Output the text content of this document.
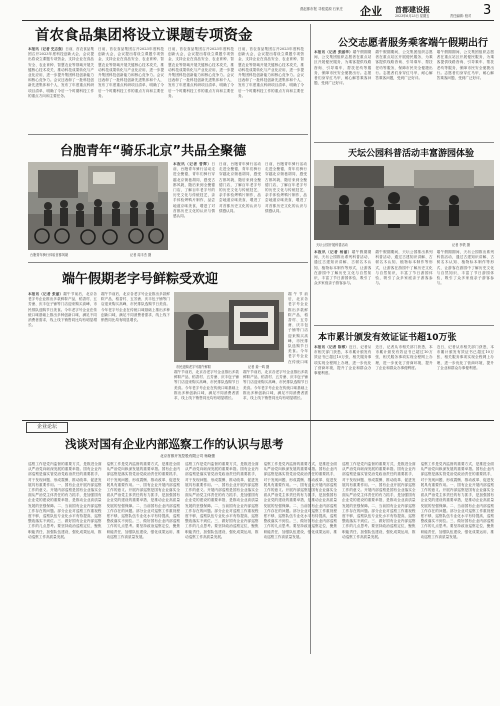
燕赵都市报 寻根觅源 石家庄 企业 首都建设报
2023年6月23日 星期五	责任编辑: 校对 3
首农食品集团将设立课题专项资金
本报讯（记者 史志强）日前，首农食品集团召开2023年度科技创新大会，会议提出将设立课题专项资金，支持企业在食品安全、农业育种、智慧农业等领域开展关键核心技术攻关，推动科技成果转化与产业化应用，进一步提升集团科技创新能力和核心竞争力。会议还表彰了一批科技创新先进集体和个人，发布了年度重点科研项目清单，明确了今后一个时期科技工作的重点方向和主要任务。
日前，首农食品集团召开2023年度科技创新大会，会议提出将设立课题专项资金，支持企业在食品安全、农业育种、智慧农业等领域开展关键核心技术攻关，推动科技成果转化与产业化应用，进一步提升集团科技创新能力和核心竞争力。会议还表彰了一批科技创新先进集体和个人，发布了年度重点科研项目清单，明确了今后一个时期科技工作的重点方向和主要任务。
日前，首农食品集团召开2023年度科技创新大会，会议提出将设立课题专项资金，支持企业在食品安全、农业育种、智慧农业等领域开展关键核心技术攻关，推动科技成果转化与产业化应用，进一步提升集团科技创新能力和核心竞争力。会议还表彰了一批科技创新先进集体和个人，发布了年度重点科研项目清单，明确了今后一个时期科技工作的重点方向和主要任务。
日前，首农食品集团召开2023年度科技创新大会，会议提出将设立课题专项资金，支持企业在食品安全、农业育种、智慧农业等领域开展关键核心技术攻关，推动科技成果转化与产业化应用，进一步提升集团科技创新能力和核心竞争力。会议还表彰了一批科技创新先进集体和个人，发布了年度重点科研项目清单，明确了今后一个时期科技工作的重点方向和主要任务。
公交志愿者服务乘客端午假期出行
本报讯（记者 张丽华）端午假期期间，公交集团组织志愿者在重点站区开展便民服务，为乘客提供线路咨询、引导乘车、帮扶老幼等服务，保障市民安全便捷出行。志愿者们身穿红马甲，耐心解答乘客问题，受到广泛好评。
端午假期期间，公交集团组织志愿者在重点站区开展便民服务，为乘客提供线路咨询、引导乘车、帮扶老幼等服务，保障市民安全便捷出行。志愿者们身穿红马甲，耐心解答乘客问题，受到广泛好评。
端午假期期间，公交集团组织志愿者在重点站区开展便民服务，为乘客提供线路咨询、引导乘车、帮扶老幼等服务，保障市民安全便捷出行。志愿者们身穿红马甲，耐心解答乘客问题，受到广泛好评。
台胞青年“骑乐北京”共品全聚德
台胞青年骑行体验首都风貌	记者 周丰杰 摄
本报讯（记者 曾辉）日前，台胞青年骑行活动走进全聚德，青年们骑行穿越北京街巷胡同，感受古都风貌，随后来到全聚德门店，了解百年老字号的历史文化与传统技艺，亲手体验烤鸭片制作，品尝地道京味美食，增进了对首都历史文化的认识与情感认同。
日前，台胞青年骑行活动走进全聚德，青年们骑行穿越北京街巷胡同，感受古都风貌，随后来到全聚德门店，了解百年老字号的历史文化与传统技艺，亲手体验烤鸭片制作，品尝地道京味美食，增进了对首都历史文化的认识与情感认同。
日前，台胞青年骑行活动走进全聚德，青年们骑行穿越北京街巷胡同，感受古都风貌，随后来到全聚德门店，了解百年老字号的历史文化与传统技艺，亲手体验烤鸭片制作，品尝地道京味美食，增进了对首都历史文化的认识与情感认同。
天坛公园科普活动丰富游园体验
天坛公园开展科普活动	记者 李铁 摄
本报讯（记者 杨丽）端午假期期间，天坛公园推出系列科普活动，通过古建知识讲解、古树名木认知、植物标本制作等形式，让游客在游园中了解历史文化与自然知识，丰富了节日游园体验，吸引了众多家庭亲子游客参与。
端午假期期间，天坛公园推出系列科普活动，通过古建知识讲解、古树名木认知、植物标本制作等形式，让游客在游园中了解历史文化与自然知识，丰富了节日游园体验，吸引了众多家庭亲子游客参与。
端午假期期间，天坛公园推出系列科普活动，通过古建知识讲解、古树名木认知、植物标本制作等形式，让游客在游园中了解历史文化与自然知识，丰富了节日游园体验，吸引了众多家庭亲子游客参与。
端午假期老字号鲜粽受欢迎
本报讯（记者 张丽）端午节前后，北京各老字号企业推出多款鲜粽产品，稻香村、五芳斋、庆丰包子铺等门店迎来购买高峰，市民排队选购节日美食。今年老字号企业在传统口味基础上推出多种创新口味，满足不同消费者需求，线上线下销售同比均有明显增长。
端午节前后，北京各老字号企业推出多款鲜粽产品，稻香村、五芳斋、庆丰包子铺等门店迎来购买高峰，市民排队选购节日美食。今年老字号企业在传统口味基础上推出多种创新口味，满足不同消费者需求，线上线下销售同比均有明显增长。
市民选购老字号端午鲜粽	记者 姜一鸣 摄
端午节前后，北京各老字号企业推出多款鲜粽产品，稻香村、五芳斋、庆丰包子铺等门店迎来购买高峰，市民排队选购节日美食。今年老字号企业在传统口味基础上推出多种创新口味，满足不同消费者需求，线上线下销售同比均有明显增长。
端午节前后，北京各老字号企业推出多款鲜粽产品，稻香村、五芳斋、庆丰包子铺等门店迎来购买高峰，市民排队选购节日美食。今年老字号企业在传统口味基础上推出多种创新口味，满足不同消费者需求，线上线下销售同比均有明显增长。
端午节前后，北京各老字号企业推出多款鲜粽产品，稻香村、五芳斋、庆丰包子铺等门店迎来购买高峰，市民排队选购节日美食。今年老字号企业在传统口味
本市累计颁发有效证证书超10万张
本报讯（记者 陈博）近日，记者从市相关部门获悉，本市累计颁发有效证书已超过10万张，相关服务事项实现全程网上办理，进一步优化了营商环境，提升了企业和群众办事便利度。
近日，记者从市相关部门获悉，本市累计颁发有效证书已超过10万张，相关服务事项实现全程网上办理，进一步优化了营商环境，提升了企业和群众办事便利度。
近日，记者从市相关部门获悉，本市累计颁发有效证书已超过10万张，相关服务事项实现全程网上办理，进一步优化了营商环境，提升了企业和群众办事便利度。
企业论坛
浅谈对国有企业内部巡察工作的认识与思考
北京首都开发控股有限公司 杨晓蕾
巡察工作是党内监督的重要方式，是推进全面从严治党向纵深发展的重要举措。国有企业内部巡察是落实管党治党政治责任的重要抓手，对于发现问题、形成震慑、推动改革、促进发展具有重要作用。一、国有企业开展内部巡察工作的意义。开展内部巡察是国有企业落实全面从严治党主体责任的有力抓手，是加强国有企业党的建设的重要举措，是推动企业高质量发展的坚强保障。二、当前国有企业内部巡察工作存在的问题。部分企业对巡察工作重视程度不够，巡察队伍专业化水平有待提高，巡察整改落实不到位。三、做好国有企业内部巡察工作的几点思考。要坚持政治巡察定位，聚焦职能责任，加强队伍建设，强化成果运用，推动巡察工作高质量发展。
巡察工作是党内监督的重要方式，是推进全面从严治党向纵深发展的重要举措。国有企业内部巡察是落实管党治党政治责任的重要抓手，对于发现问题、形成震慑、推动改革、促进发展具有重要作用。一、国有企业开展内部巡察工作的意义。开展内部巡察是国有企业落实全面从严治党主体责任的有力抓手，是加强国有企业党的建设的重要举措，是推动企业高质量发展的坚强保障。二、当前国有企业内部巡察工作存在的问题。部分企业对巡察工作重视程度不够，巡察队伍专业化水平有待提高，巡察整改落实不到位。三、做好国有企业内部巡察工作的几点思考。要坚持政治巡察定位，聚焦职能责任，加强队伍建设，强化成果运用，推动巡察工作高质量发展。
巡察工作是党内监督的重要方式，是推进全面从严治党向纵深发展的重要举措。国有企业内部巡察是落实管党治党政治责任的重要抓手，对于发现问题、形成震慑、推动改革、促进发展具有重要作用。一、国有企业开展内部巡察工作的意义。开展内部巡察是国有企业落实全面从严治党主体责任的有力抓手，是加强国有企业党的建设的重要举措，是推动企业高质量发展的坚强保障。二、当前国有企业内部巡察工作存在的问题。部分企业对巡察工作重视程度不够，巡察队伍专业化水平有待提高，巡察整改落实不到位。三、做好国有企业内部巡察工作的几点思考。要坚持政治巡察定位，聚焦职能责任，加强队伍建设，强化成果运用，推动巡察工作高质量发展。
巡察工作是党内监督的重要方式，是推进全面从严治党向纵深发展的重要举措。国有企业内部巡察是落实管党治党政治责任的重要抓手，对于发现问题、形成震慑、推动改革、促进发展具有重要作用。一、国有企业开展内部巡察工作的意义。开展内部巡察是国有企业落实全面从严治党主体责任的有力抓手，是加强国有企业党的建设的重要举措，是推动企业高质量发展的坚强保障。二、当前国有企业内部巡察工作存在的问题。部分企业对巡察工作重视程度不够，巡察队伍专业化水平有待提高，巡察整改落实不到位。三、做好国有企业内部巡察工作的几点思考。要坚持政治巡察定位，聚焦职能责任，加强队伍建设，强化成果运用，推动巡察工作高质量发展。
巡察工作是党内监督的重要方式，是推进全面从严治党向纵深发展的重要举措。国有企业内部巡察是落实管党治党政治责任的重要抓手，对于发现问题、形成震慑、推动改革、促进发展具有重要作用。一、国有企业开展内部巡察工作的意义。开展内部巡察是国有企业落实全面从严治党主体责任的有力抓手，是加强国有企业党的建设的重要举措，是推动企业高质量发展的坚强保障。二、当前国有企业内部巡察工作存在的问题。部分企业对巡察工作重视程度不够，巡察队伍专业化水平有待提高，巡察整改落实不到位。三、做好国有企业内部巡察工作的几点思考。要坚持政治巡察定位，聚焦职能责任，加强队伍建设，强化成果运用，推动巡察工作高质量发展。
巡察工作是党内监督的重要方式，是推进全面从严治党向纵深发展的重要举措。国有企业内部巡察是落实管党治党政治责任的重要抓手，对于发现问题、形成震慑、推动改革、促进发展具有重要作用。一、国有企业开展内部巡察工作的意义。开展内部巡察是国有企业落实全面从严治党主体责任的有力抓手，是加强国有企业党的建设的重要举措，是推动企业高质量发展的坚强保障。二、当前国有企业内部巡察工作存在的问题。部分企业对巡察工作重视程度不够，巡察队伍专业化水平有待提高，巡察整改落实不到位。三、做好国有企业内部巡察工作的几点思考。要坚持政治巡察定位，聚焦职能责任，加强队伍建设，强化成果运用，推动巡察工作高质量发展。
